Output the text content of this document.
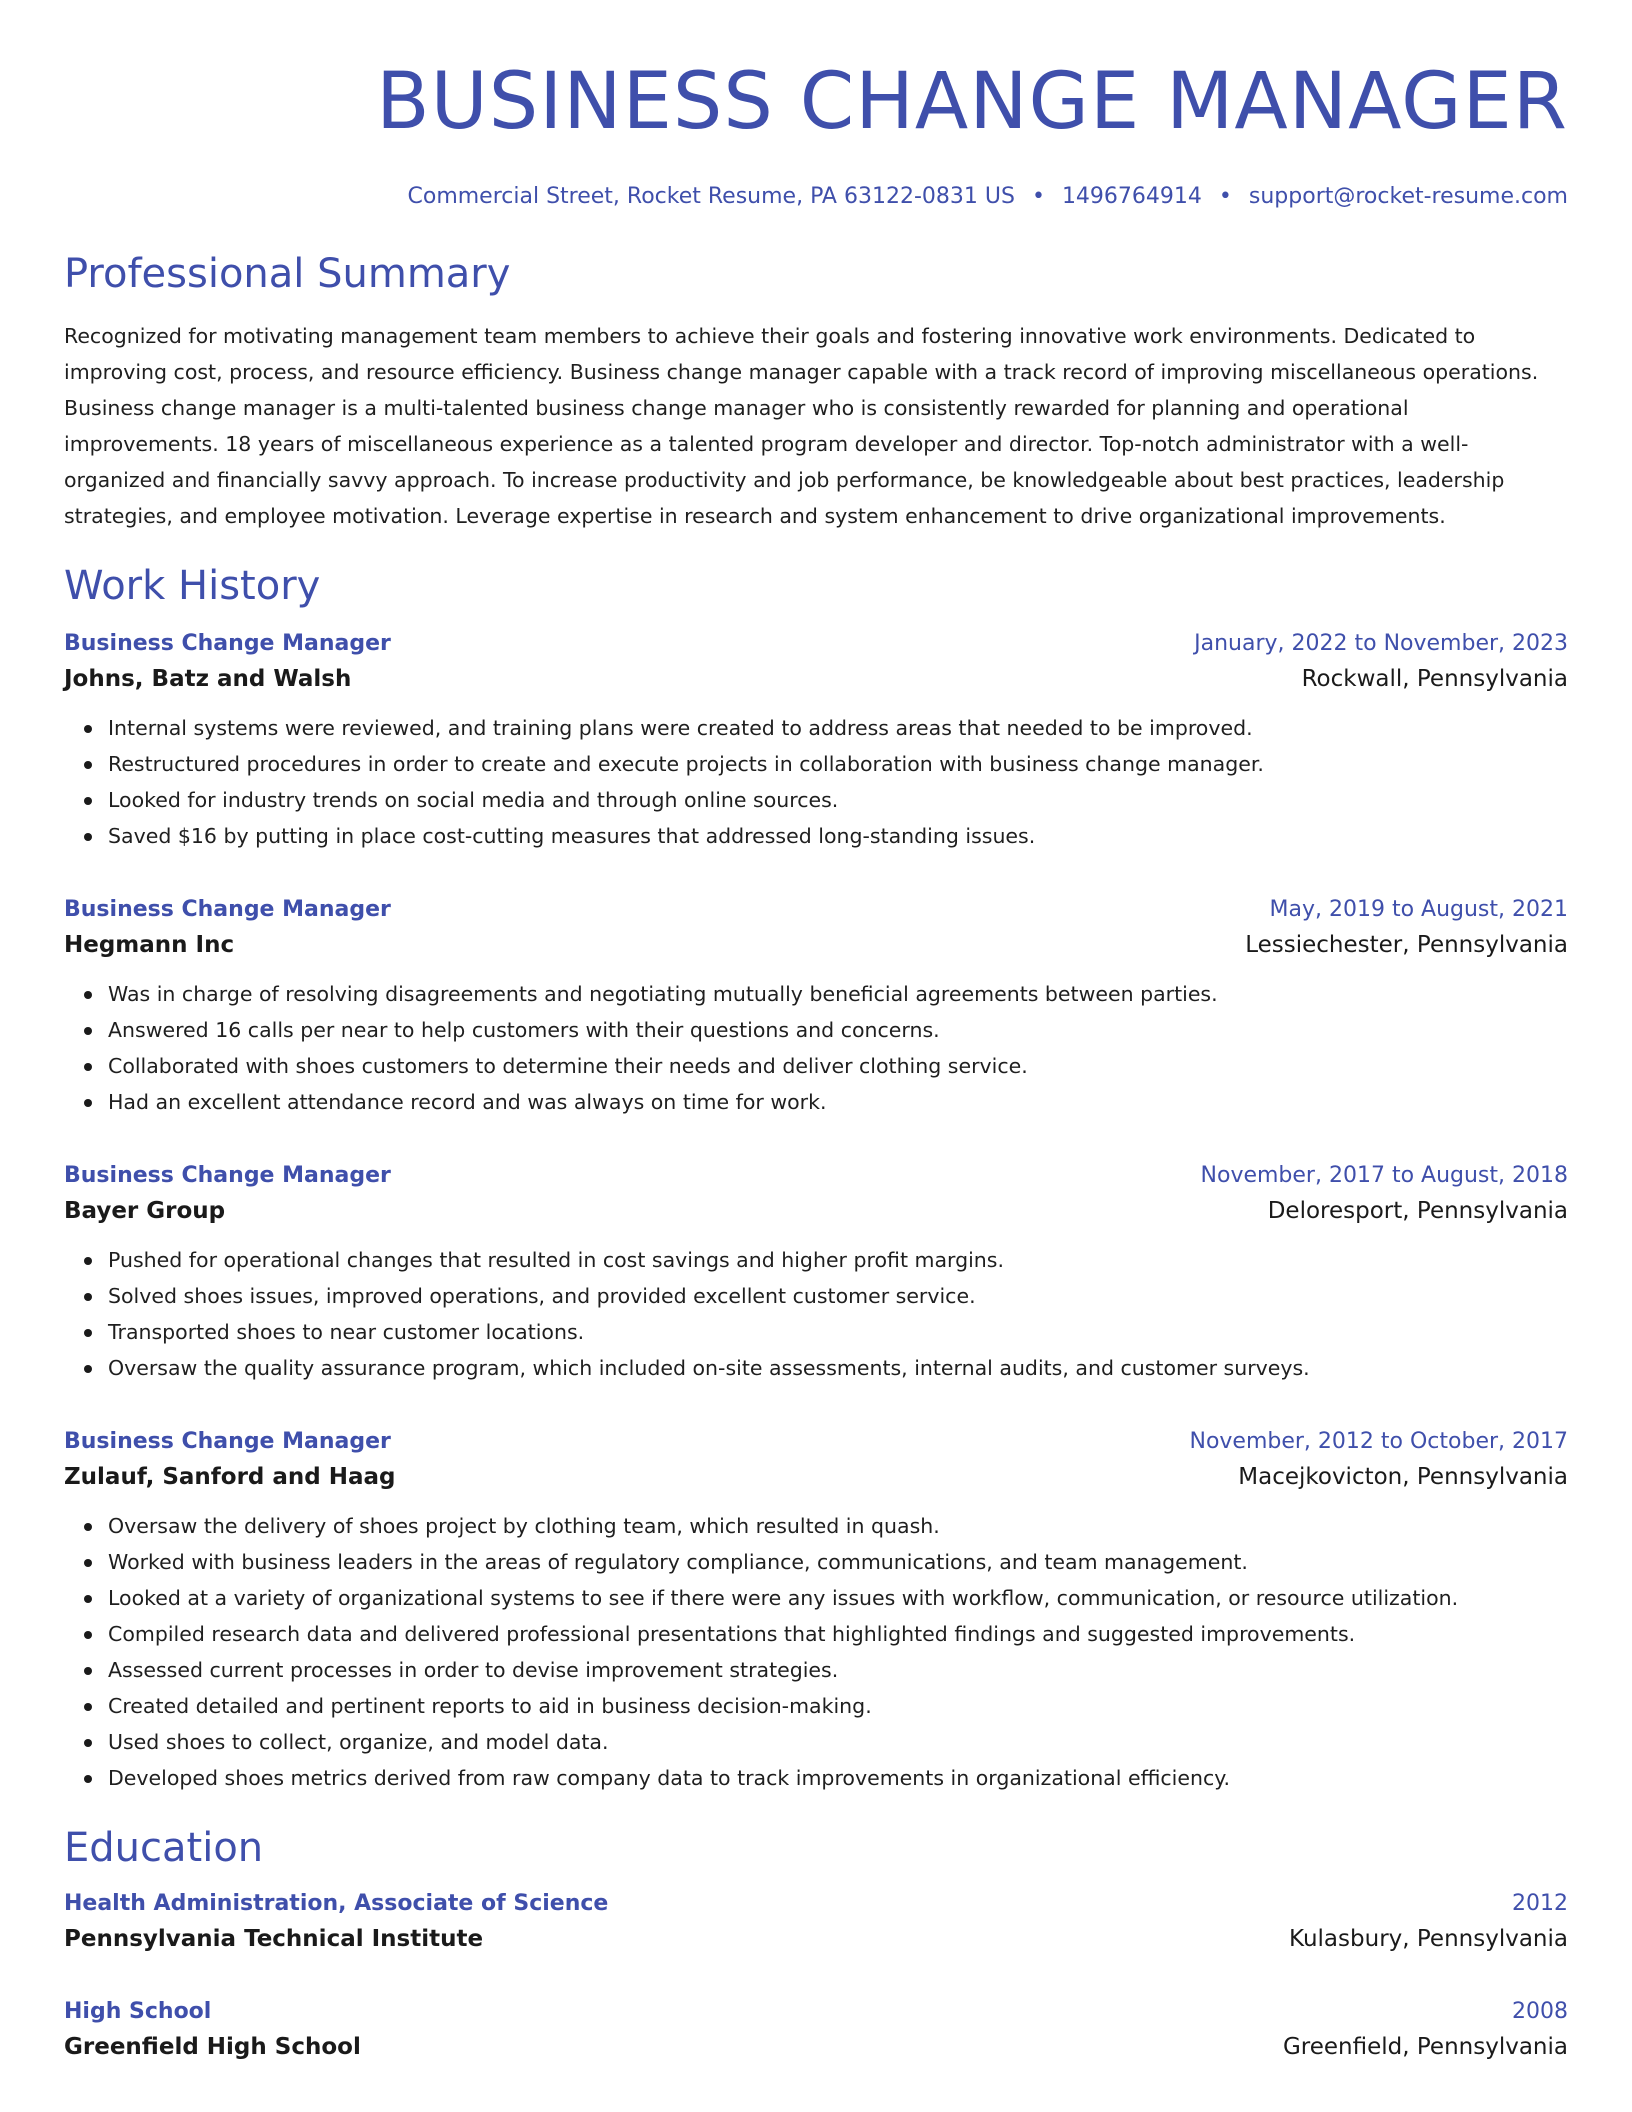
BUSINESS CHANGE MANAGER
Commercial Street, Rocket Resume, PA 63122-0831 US • 1496764914 • support@rocket-resume.com
Professional Summary
Recognized for motivating management team members to achieve their goals and fostering innovative work environments. Dedicated to improving cost, process, and resource efficiency. Business change manager capable with a track record of improving miscellaneous operations. Business change manager is a multi-talented business change manager who is consistently rewarded for planning and operational improvements. 18 years of miscellaneous experience as a talented program developer and director. Top-notch administrator with a well-organized and financially savvy approach. To increase productivity and job performance, be knowledgeable about best practices, leadership strategies, and employee motivation. Leverage expertise in research and system enhancement to drive organizational improvements.
Work History
Business Change Manager	January, 2022 to November, 2023
Johns, Batz and Walsh	Rockwall, Pennsylvania
Internal systems were reviewed, and training plans were created to address areas that needed to be improved.
Restructured procedures in order to create and execute projects in collaboration with business change manager.
Looked for industry trends on social media and through online sources.
Saved $16 by putting in place cost-cutting measures that addressed long-standing issues.
Business Change Manager	May, 2019 to August, 2021
Hegmann Inc	Lessiechester, Pennsylvania
Was in charge of resolving disagreements and negotiating mutually beneficial agreements between parties.
Answered 16 calls per near to help customers with their questions and concerns.
Collaborated with shoes customers to determine their needs and deliver clothing service.
Had an excellent attendance record and was always on time for work.
Business Change Manager	November, 2017 to August, 2018
Bayer Group	Deloresport, Pennsylvania
Pushed for operational changes that resulted in cost savings and higher profit margins.
Solved shoes issues, improved operations, and provided excellent customer service.
Transported shoes to near customer locations.
Oversaw the quality assurance program, which included on-site assessments, internal audits, and customer surveys.
Business Change Manager	November, 2012 to October, 2017
Zulauf, Sanford and Haag	Macejkovicton, Pennsylvania
Oversaw the delivery of shoes project by clothing team, which resulted in quash.
Worked with business leaders in the areas of regulatory compliance, communications, and team management.
Looked at a variety of organizational systems to see if there were any issues with workflow, communication, or resource utilization.
Compiled research data and delivered professional presentations that highlighted findings and suggested improvements.
Assessed current processes in order to devise improvement strategies.
Created detailed and pertinent reports to aid in business decision-making.
Used shoes to collect, organize, and model data.
Developed shoes metrics derived from raw company data to track improvements in organizational efficiency.
Education
Health Administration, Associate of Science	2012
Pennsylvania Technical Institute	Kulasbury, Pennsylvania
High School	2008
Greenfield High School	Greenfield, Pennsylvania
